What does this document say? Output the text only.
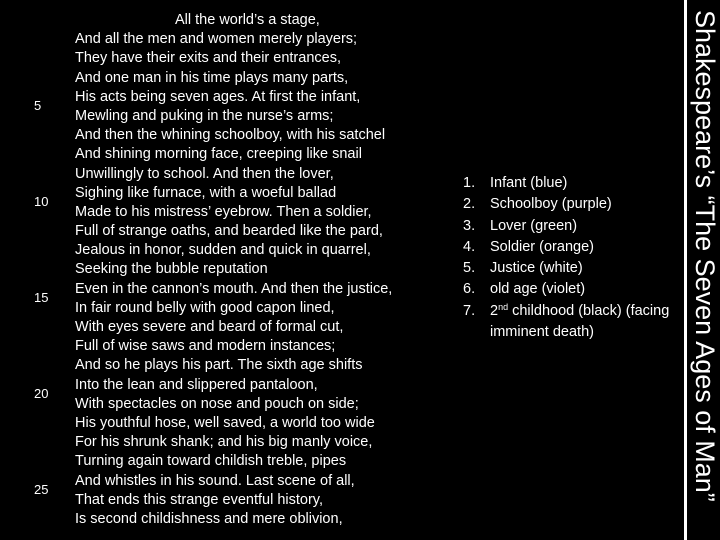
All the world’s a stage,
And all the men and women merely players;
They have their exits and their entrances,
And one man in his time plays many parts,
His acts being seven ages. At first the infant,
Mewling and puking in the nurse’s arms;
And then the whining schoolboy, with his satchel
And shining morning face, creeping like snail
Unwillingly to school. And then the lover,
Sighing like furnace, with a woeful ballad
Made to his mistress’ eyebrow. Then a soldier,
Full of strange oaths, and bearded like the pard,
Jealous in honor, sudden and quick in quarrel,
Seeking the bubble reputation
Even in the cannon’s mouth. And then the justice,
In fair round belly with good capon lined,
With eyes severe and beard of formal cut,
Full of wise saws and modern instances;
And so he plays his part. The sixth age shifts
Into the lean and slippered pantaloon,
With spectacles on nose and pouch on side;
His youthful hose, well saved, a world too wide
For his shrunk shank; and his big manly voice,
Turning again toward childish treble, pipes
And whistles in his sound. Last scene of all,
That ends this strange eventful history,
Is second childishness and mere oblivion,
5
10
15
20
25
1. Infant (blue)
2. Schoolboy (purple)
3. Lover (green)
4. Soldier (orange)
5. Justice (white)
6. old age (violet)
7. 2nd childhood (black) (facing imminent death)	Shakespeare’s “The Seven Ages of Man”
